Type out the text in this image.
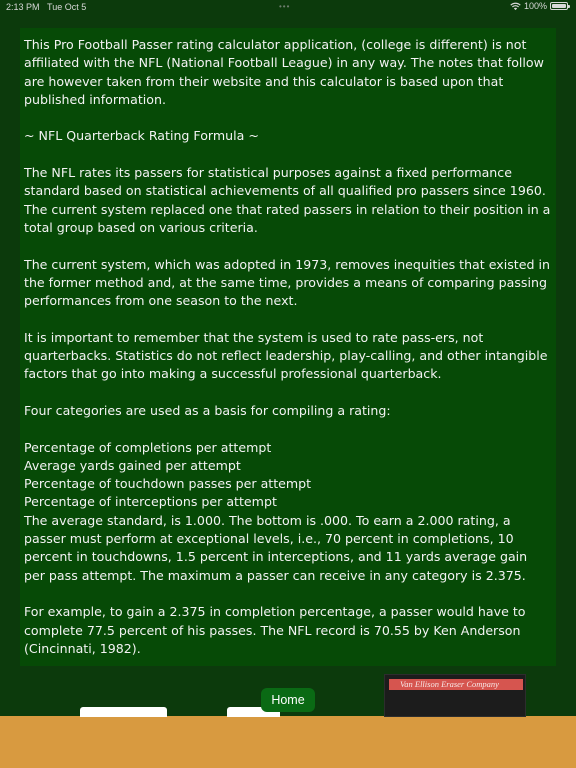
2:13 PM Tue Oct 5	•••	100%

This Pro Football Passer rating calculator application, (college is different) is not affiliated with the NFL (National Football League) in any way. The notes that follow are however taken from their website and this calculator is based upon that published information.

~ NFL Quarterback Rating Formula ~

The NFL rates its passers for statistical purposes against a fixed performance standard based on statistical achievements of all qualified pro passers since 1960. The current system replaced one that rated passers in relation to their position in a total group based on various criteria.

The current system, which was adopted in 1973, removes inequities that existed in the former method and, at the same time, provides a means of comparing passing performances from one season to the next.

It is important to remember that the system is used to rate pass-ers, not quarterbacks. Statistics do not reflect leadership, play-calling, and other intangible factors that go into making a successful professional quarterback.

Four categories are used as a basis for compiling a rating:

Percentage of completions per attempt

Average yards gained per attempt

Percentage of touchdown passes per attempt

Percentage of interceptions per attempt

The average standard, is 1.000. The bottom is .000. To earn a 2.000 rating, a passer must perform at exceptional levels, i.e., 70 percent in completions, 10 percent in touchdowns, 1.5 percent in interceptions, and 11 yards average gain per pass attempt. The maximum a passer can receive in any category is 2.375.

For example, to gain a 2.375 in completion percentage, a passer would have to complete 77.5 percent of his passes. The NFL record is 70.55 by Ken Anderson (Cincinnati, 1982).

Home
Van Ellison Eraser Company
